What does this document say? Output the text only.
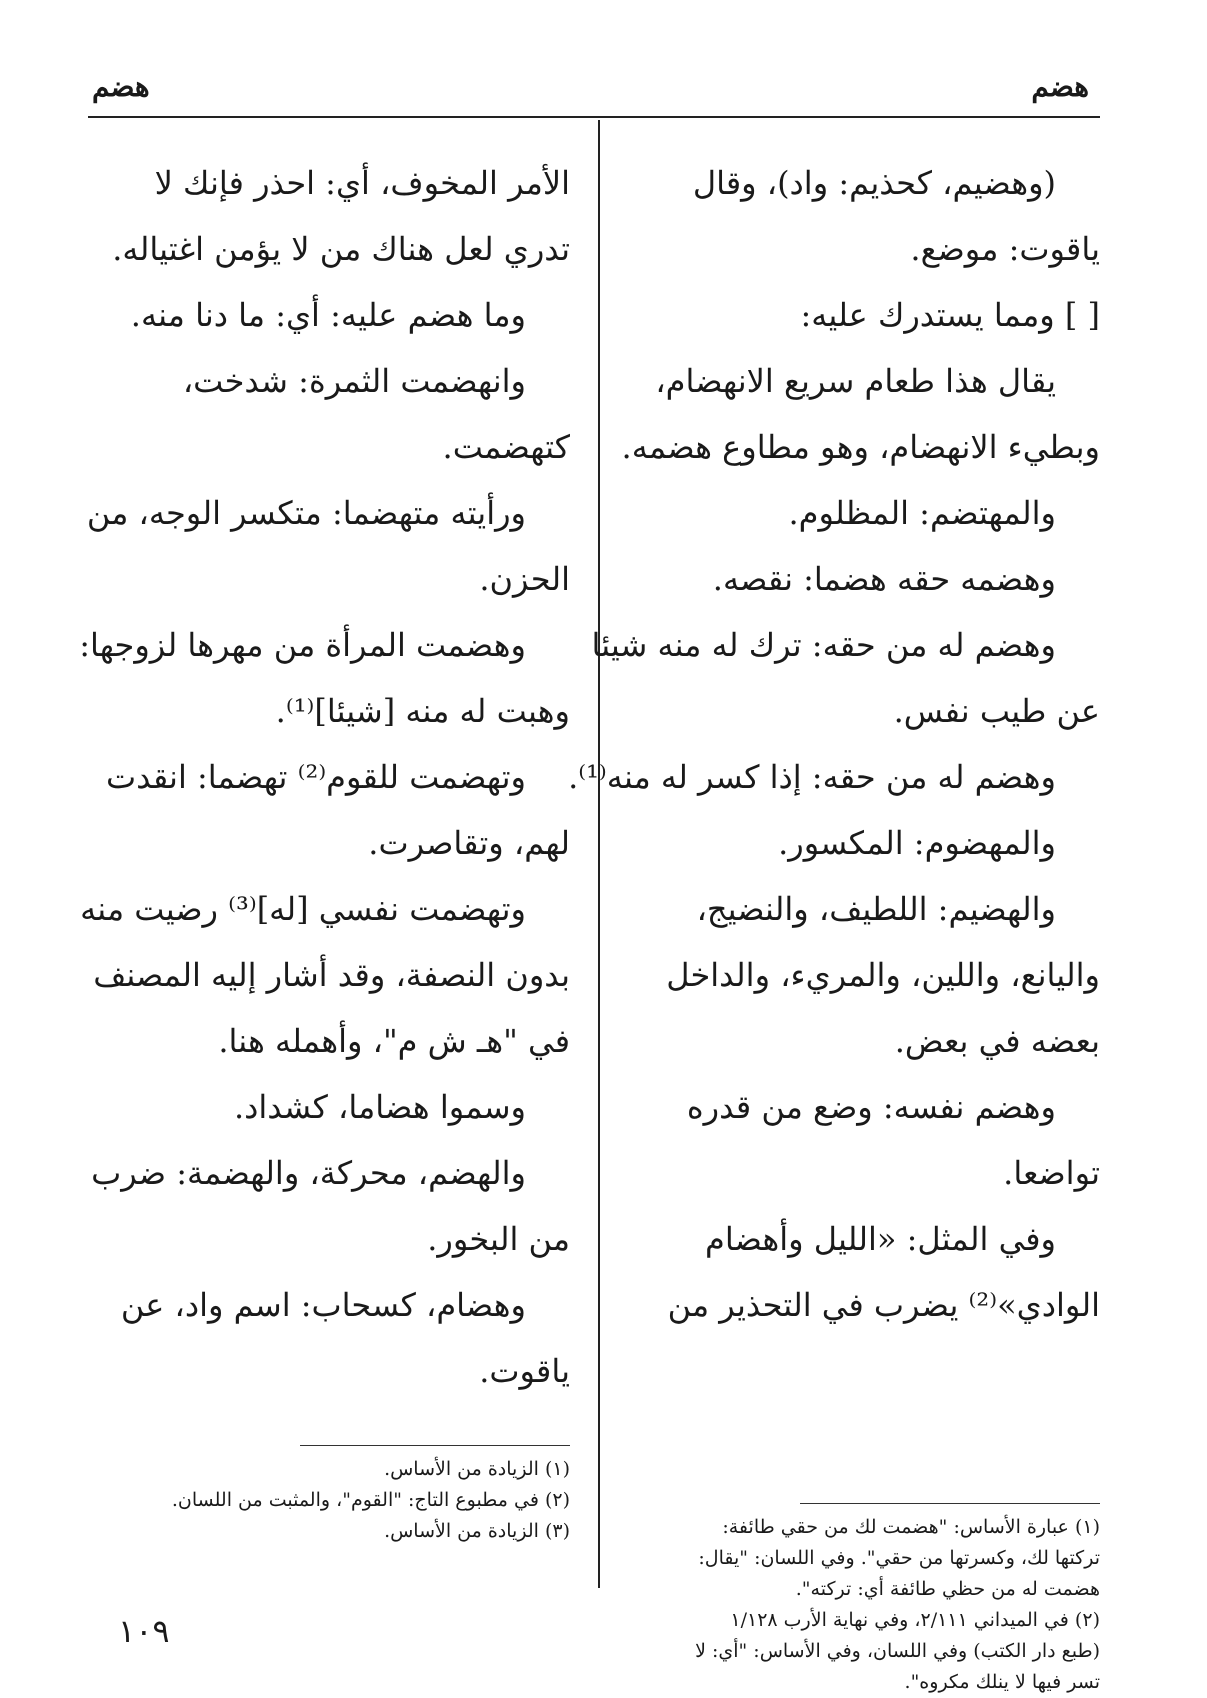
هضم
هضم
(وهضيم، كحذيم: واد)، وقال
ياقوت: موضع.
[ ] ومما يستدرك عليه:
يقال هذا طعام سريع الانهضام،
وبطيء الانهضام، وهو مطاوع هضمه.
والمهتضم: المظلوم.
وهضمه حقه هضما: نقصه.
وهضم له من حقه: ترك له منه شيئا
عن طيب نفس.
وهضم له من حقه: إذا كسر له منه⁽¹⁾.
والمهضوم: المكسور.
والهضيم: اللطيف، والنضيج،
واليانع، واللين، والمريء، والداخل
بعضه في بعض.
وهضم نفسه: وضع من قدره
تواضعا.
وفي المثل: «الليل وأهضام
الوادي»⁽²⁾ يضرب في التحذير من
الأمر المخوف، أي: احذر فإنك لا
تدري لعل هناك من لا يؤمن اغتياله.
وما هضم عليه: أي: ما دنا منه.
وانهضمت الثمرة: شدخت،
كتهضمت.
ورأيته متهضما: متكسر الوجه، من
الحزن.
وهضمت المرأة من مهرها لزوجها:
وهبت له منه [شيئا]⁽¹⁾.
وتهضمت للقوم⁽²⁾ تهضما: انقدت
لهم، وتقاصرت.
وتهضمت نفسي [له]⁽³⁾ رضيت منه
بدون النصفة، وقد أشار إليه المصنف
في "هـ ش م"، وأهمله هنا.
وسموا هضاما، كشداد.
والهضم، محركة، والهضمة: ضرب
من البخور.
وهضام، كسحاب: اسم واد، عن
ياقوت.
(١) عبارة الأساس: "هضمت لك من حقي طائفة:
تركتها لك، وكسرتها من حقي". وفي اللسان: "يقال:
هضمت له من حظي طائفة أي: تركته".
(٢) في الميداني ٢/١١١، وفي نهاية الأرب ١/١٢٨
(طبع دار الكتب) وفي اللسان، وفي الأساس: "أي: لا
تسر فيها لا ينلك مكروه".
(١) الزيادة من الأساس.
(٢) في مطبوع التاج: "القوم"، والمثبت من اللسان.
(٣) الزيادة من الأساس.
١٠٩
